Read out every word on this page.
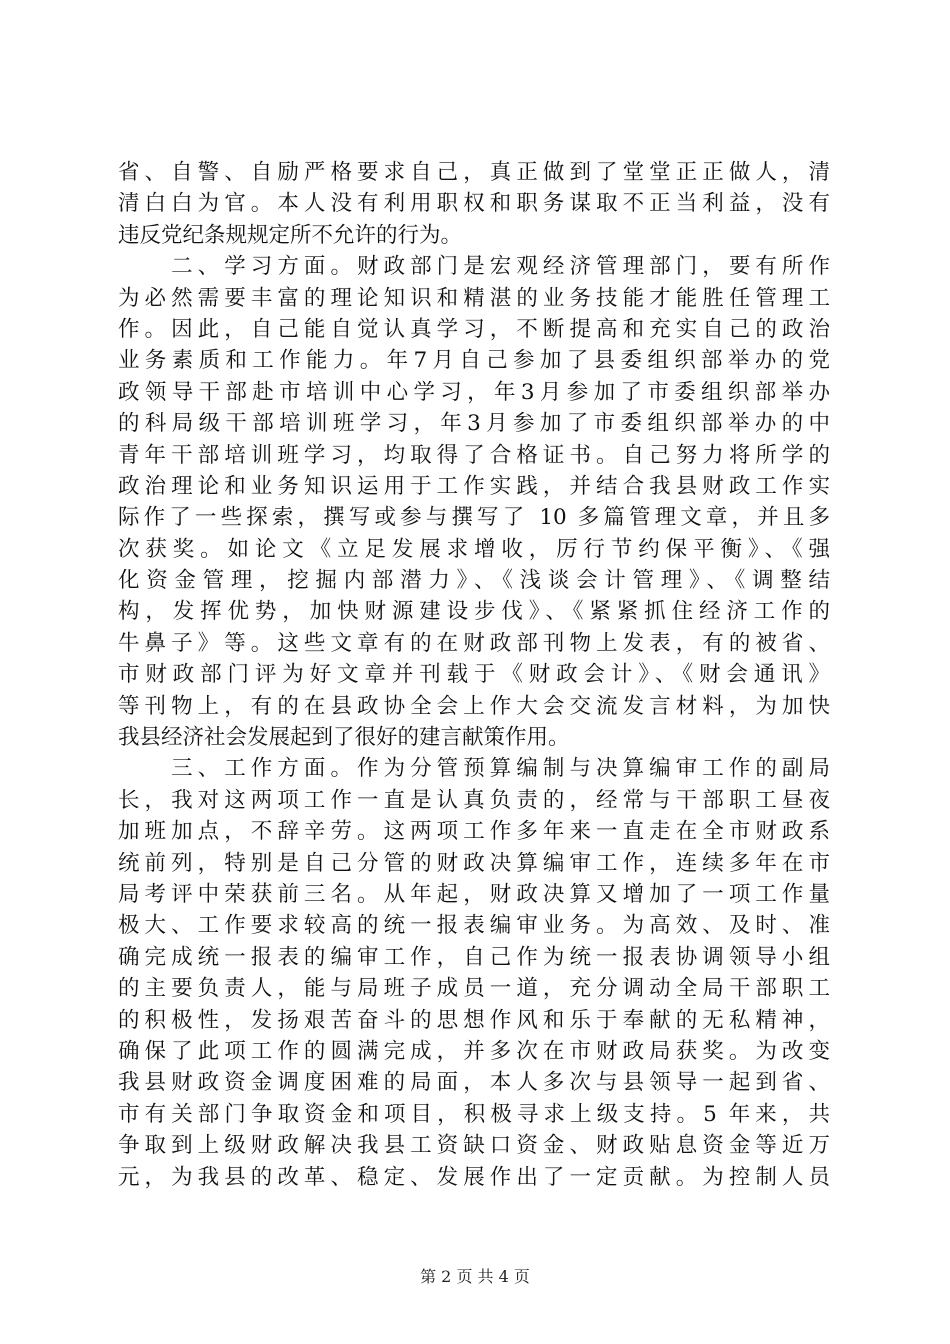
省、自警、自励严格要求自己，真正做到了堂堂正正做人，清
清白白为官。本人没有利用职权和职务谋取不正当利益，没有
违反党纪条规规定所不允许的行为。
　　二、学习方面。财政部门是宏观经济管理部门，要有所作
为必然需要丰富的理论知识和精湛的业务技能才能胜任管理工
作。因此，自己能自觉认真学习，不断提高和充实自己的政治
业务素质和工作能力。年7月自己参加了县委组织部举办的党
政领导干部赴市培训中心学习，年3月参加了市委组织部举办
的科局级干部培训班学习，年3月参加了市委组织部举办的中
青年干部培训班学习，均取得了合格证书。自己努力将所学的
政治理论和业务知识运用于工作实践，并结合我县财政工作实
际作了一些探索，撰写或参与撰写了 10 多篇管理文章，并且多
次获奖。如论文《立足发展求增收，厉行节约保平衡》、《强
化资金管理，挖掘内部潜力》、《浅谈会计管理》、《调整结
构，发挥优势，加快财源建设步伐》、《紧紧抓住经济工作的
牛鼻子》等。这些文章有的在财政部刊物上发表，有的被省、
市财政部门评为好文章并刊载于《财政会计》、《财会通讯》
等刊物上，有的在县政协全会上作大会交流发言材料，为加快
我县经济社会发展起到了很好的建言献策作用。
　　三、工作方面。作为分管预算编制与决算编审工作的副局
长，我对这两项工作一直是认真负责的，经常与干部职工昼夜
加班加点，不辞辛劳。这两项工作多年来一直走在全市财政系
统前列，特别是自己分管的财政决算编审工作，连续多年在市
局考评中荣获前三名。从年起，财政决算又增加了一项工作量
极大、工作要求较高的统一报表编审业务。为高效、及时、准
确完成统一报表的编审工作，自己作为统一报表协调领导小组
的主要负责人，能与局班子成员一道，充分调动全局干部职工
的积极性，发扬艰苦奋斗的思想作风和乐于奉献的无私精神，
确保了此项工作的圆满完成，并多次在市财政局获奖。为改变
我县财政资金调度困难的局面，本人多次与县领导一起到省、
市有关部门争取资金和项目，积极寻求上级支持。5 年来，共
争取到上级财政解决我县工资缺口资金、财政贴息资金等近万
元，为我县的改革、稳定、发展作出了一定贡献。为控制人员
第 2 页 共 4 页
